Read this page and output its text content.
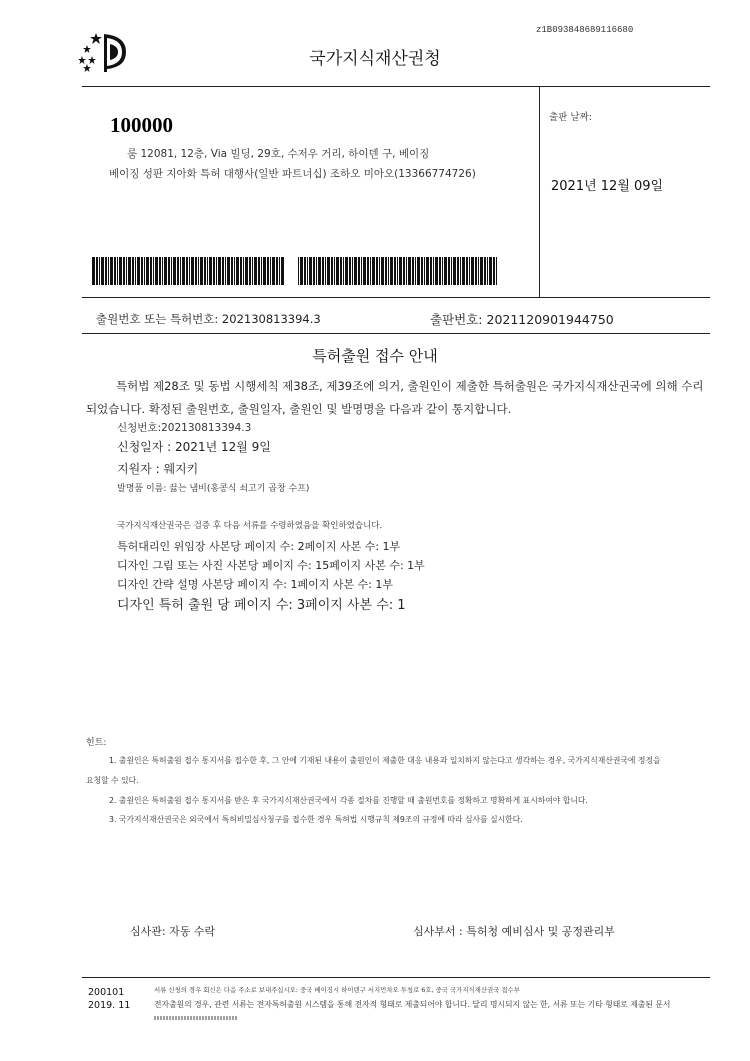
z1B093848689116680
국가지식재산권청
100000
룸 12081, 12층, Via 빌딩, 29호, 수저우 거리, 하이덴 구, 베이징
베이징 성판 지아화 특허 대행사(일반 파트너십) 조하오 미아오(13366774726)
출판 날짜:
2021년 12월 09일
출원번호 또는 특허번호: 202130813394.3	출판번호: 2021120901944750
특허출원 접수 안내
특허법 제28조 및 동법 시행세칙 제38조, 제39조에 의거, 출원인이 제출한 특허출원은 국가지식재산권국에 의해 수리
되었습니다. 확정된 출원번호, 출원일자, 출원인 및 발명명을 다음과 같이 통지합니다.
신청번호:202130813394.3
신청일자 : 2021년 12월 9일
지원자 : 웨지키
발명품 이름: 끓는 냄비(홍콩식 쇠고기 곱창 수프)
국가지식재산권국은 검증 후 다음 서류를 수령하였음을 확인하였습니다.
특허대리인 위임장 사본당 페이지 수: 2페이지 사본 수: 1부
디자인 그림 또는 사진 사본당 페이지 수: 15페이지 사본 수: 1부
디자인 간략 설명 사본당 페이지 수: 1페이지 사본 수: 1부
디자인 특허 출원 당 페이지 수: 3페이지 사본 수: 1
힌트:
1. 출원인은 특허출원 접수 통지서를 접수한 후, 그 안에 기재된 내용이 출원인이 제출한 대응 내용과 일치하지 않는다고 생각하는 경우, 국가지식재산권국에 정정을
요청할 수 있다.
2. 출원인은 특허출원 접수 통지서를 받은 후 국가지식재산권국에서 각종 절차를 진행할 때 출원번호를 정확하고 명확하게 표시하여야 합니다.
3. 국가지식재산권국은 외국에서 특허비밀심사청구를 접수한 경우 특허법 시행규칙 제9조의 규정에 따라 심사를 실시한다.
심사관: 자동 수락	심사부서 : 특허청 예비심사 및 공정관리부
200101
2019. 11
서류 신청의 경우 회신은 다음 주소로 보내주십시오: 중국 베이징시 하이덴구 서지먼차오 투청로 6호, 중국 국가지식재산권국 접수부
전자출원의 경우, 관련 서류는 전자특허출원 시스템을 통해 전자적 형태로 제출되어야 합니다. 달리 명시되지 않는 한, 서류 또는 기타 형태로 제출된 문서
